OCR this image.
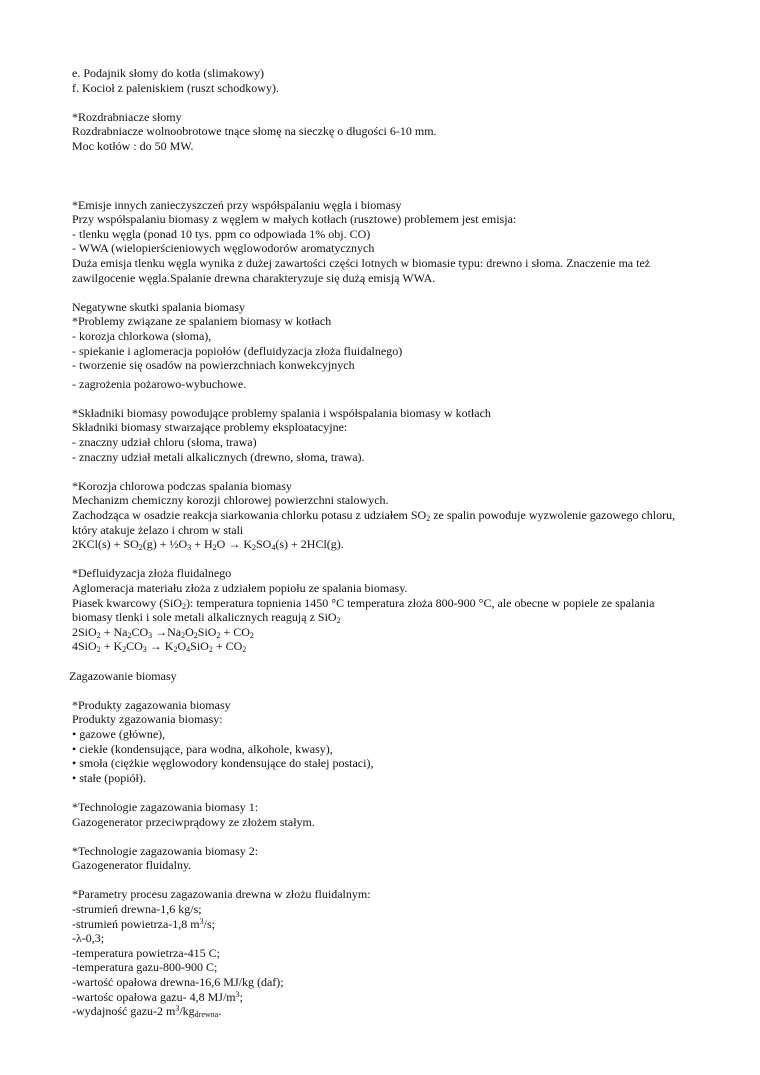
e. Podajnik słomy do kotła (slimakowy)
f. Kocioł z paleniskiem (ruszt schodkowy).
*Rozdrabniacze słomy
Rozdrabniacze wolnoobrotowe tnące słomę na sieczkę o długości 6-10 mm.
Moc kotłów : do 50 MW.
*Emisje innych zanieczyszczeń przy współspalaniu węgla i biomasy
Przy współspalaniu biomasy z węglem w małych kotłach (rusztowe) problemem jest emisja:
- tlenku węgla (ponad 10 tys. ppm co odpowiada 1% obj. CO)
- WWA (wielopierścieniowych węglowodorów aromatycznych
Duża emisja tlenku węgla wynika z dużej zawartości części lotnych w biomasie typu: drewno i słoma. Znaczenie ma też zawilgocenie węgla.Spalanie drewna charakteryzuje się dużą emisją WWA.
Negatywne skutki spalania biomasy
*Problemy związane ze spalaniem biomasy w kotłach
- korozja chlorkowa (słoma),
- spiekanie i aglomeracja popiołów (defluidyzacja złoża fluidalnego)
- tworzenie się osadów na powierzchniach konwekcyjnych
- zagrożenia pożarowo-wybuchowe.
*Składniki biomasy powodujące problemy spalania i współspalania biomasy w kotłach
Składniki biomasy stwarzające problemy eksploatacyjne:
- znaczny udział chloru (słoma, trawa)
- znaczny udział metali alkalicznych (drewno, słoma, trawa).
*Korozja chlorowa podczas spalania biomasy
Mechanizm chemiczny korozji chlorowej powierzchni stalowych.
Zachodząca w osadzie reakcja siarkowania chlorku potasu z udziałem $SO_2$ ze spalin powoduje wyzwolenie gazowego chloru, który atakuje żelazo i chrom w stali
$2KCl(s) + SO_2(g)$ + $\frac{1}{2}O_3 + H_2O \to K_2SO_4(s) + 2HCl(g)$.
*Defluidyzacja złoża fluidalnego
Aglomeracja materiału złoża z udziałem popiołu ze spalania biomasy.
Piasek kwarcowy (SiO$_2$): temperatura topnienia 1450 °C temperatura złoża 800-900 °C, ale obecne w popiele ze spalania biomasy tlenki i sole metali alkalicznych reagują z SiO$_2$
$2SiO_2 + Na_2CO_3 \to Na_2O_2SiO_2 + CO_2$
$4SiO_2 + K_2CO_3 \to K_2O_4SiO_2 + CO_2$
Zagazowanie biomasy
*Produkty zagazowania biomasy
Produkty zgazowania biomasy:
• gazowe (główne),
• ciekłe (kondensujące, para wodna, alkohole, kwasy),
• smoła (ciężkie węglowodory kondensujące do stałej postaci),
• stałe (popiół).
*Technologie zagazowania biomasy 1:
Gazogenerator przeciwprądowy ze złożem stałym.
*Technologie zagazowania biomasy 2:
Gazogenerator fluidalny.
*Parametry procesu zagazowania drewna w złożu fluidalnym:
-strumień drewna-1,6 kg/s;
-strumień powietrza-1,8 $m^3/s$;
-λ-0,3;
-temperatura powietrza-415 C;
-temperatura gazu-800-900 C;
-wartość opałowa drewna-16,6 MJ/kg (daf);
-wartośc opałowa gazu- 4,8 $MJ/m^3$;
-wydajność gazu-2 $m^3/kg_{drewna}$.
